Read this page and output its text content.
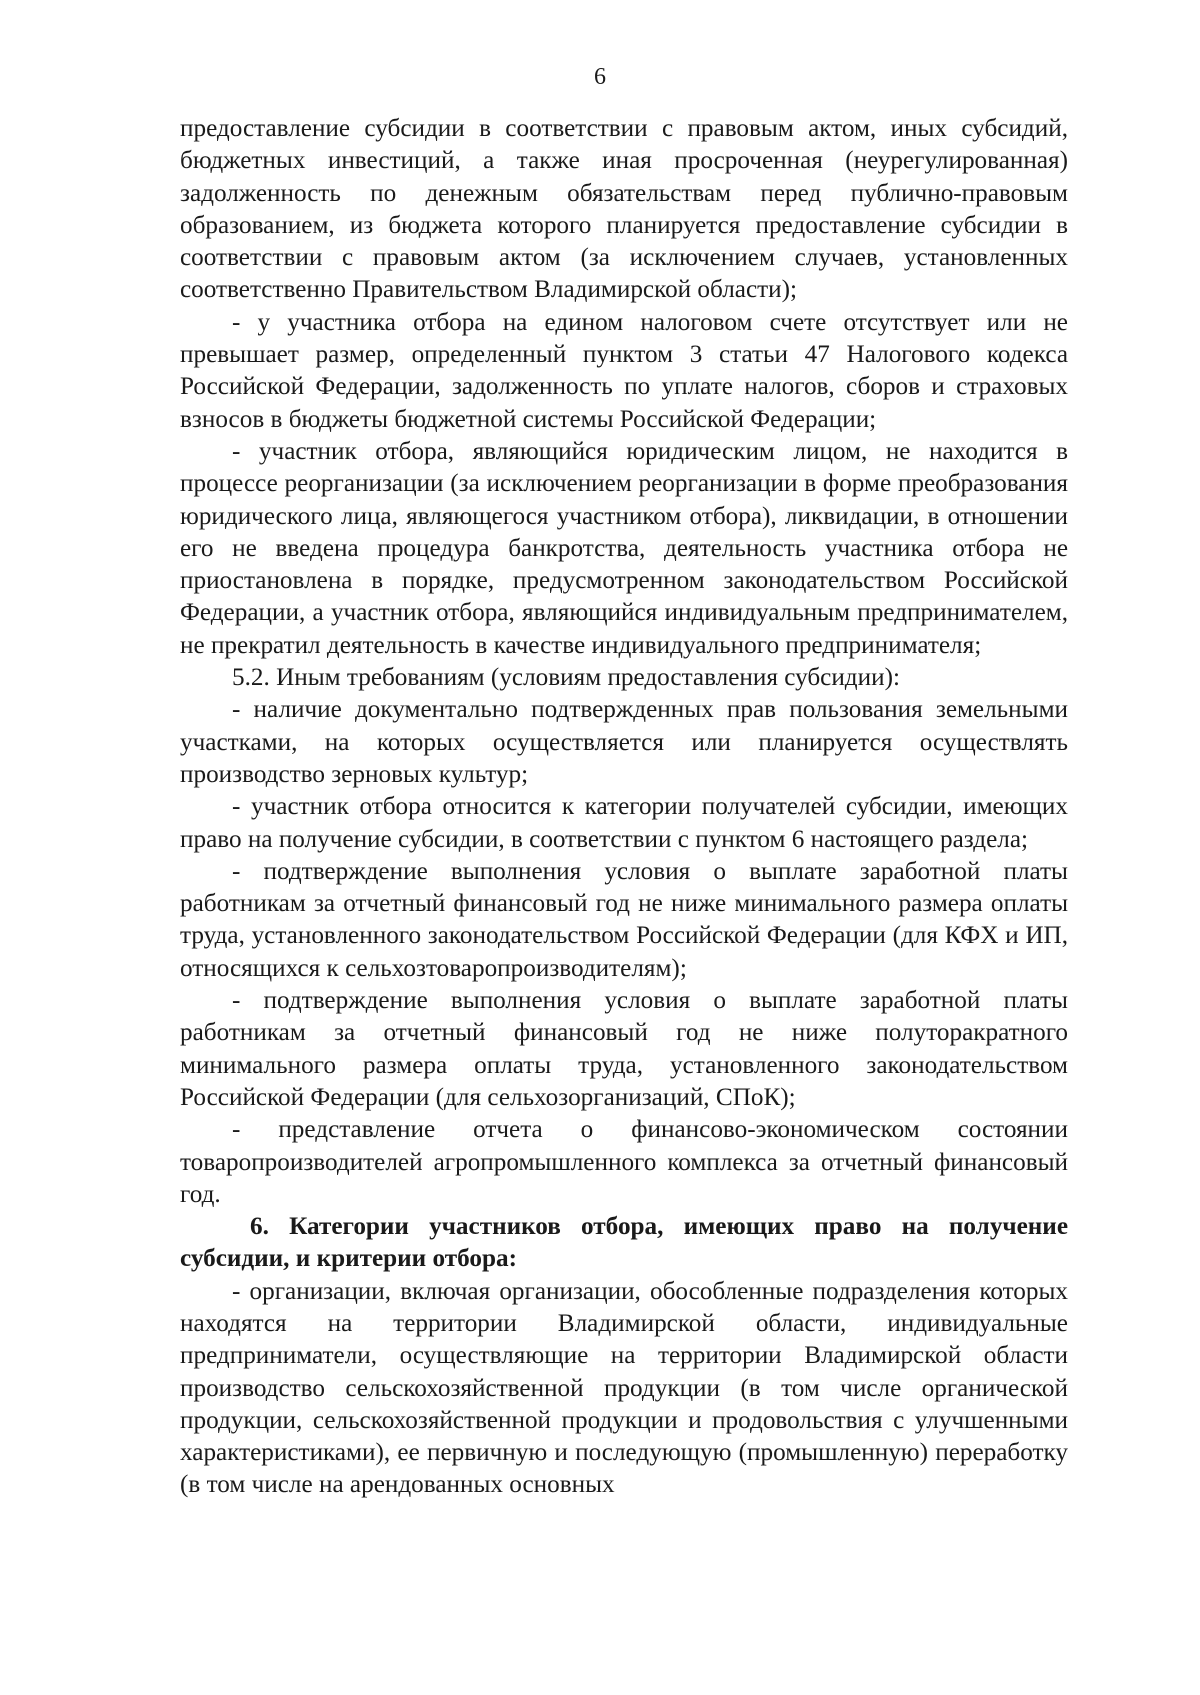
6

предоставление субсидии в соответствии с правовым актом, иных субсидий, бюджетных инвестиций, а также иная просроченная (неурегулированная) задолженность по денежным обязательствам перед публично-правовым образованием, из бюджета которого планируется предоставление субсидии в соответствии с правовым актом (за исключением случаев, установленных соответственно Правительством Владимирской области);

- у участника отбора на едином налоговом счете отсутствует или не превышает размер, определенный пунктом 3 статьи 47 Налогового кодекса Российской Федерации, задолженность по уплате налогов, сборов и страховых взносов в бюджеты бюджетной системы Российской Федерации;

- участник отбора, являющийся юридическим лицом, не находится в процессе реорганизации (за исключением реорганизации в форме преобразования юридического лица, являющегося участником отбора), ликвидации, в отношении его не введена процедура банкротства, деятельность участника отбора не приостановлена в порядке, предусмотренном законодательством Российской Федерации, а участник отбора, являющийся индивидуальным предпринимателем, не прекратил деятельность в качестве индивидуального предпринимателя;

5.2. Иным требованиям (условиям предоставления субсидии):

- наличие документально подтвержденных прав пользования земельными участками, на которых осуществляется или планируется осуществлять производство зерновых культур;

- участник отбора относится к категории получателей субсидии, имеющих право на получение субсидии, в соответствии с пунктом 6 настоящего раздела;

- подтверждение выполнения условия о выплате заработной платы работникам за отчетный финансовый год не ниже минимального размера оплаты труда, установленного законодательством Российской Федерации (для КФХ и ИП, относящихся к сельхозтоваропроизводителям);

- подтверждение выполнения условия о выплате заработной платы работникам за отчетный финансовый год не ниже полуторакратного минимального размера оплаты труда, установленного законодательством Российской Федерации (для сельхозорганизаций, СПоК);

- представление отчета о финансово-экономическом состоянии товаропроизводителей агропромышленного комплекса за отчетный финансовый год.

6. Категории участников отбора, имеющих право на получение субсидии, и критерии отбора:

- организации, включая организации, обособленные подразделения которых находятся на территории Владимирской области, индивидуальные предприниматели, осуществляющие на территории Владимирской области производство сельскохозяйственной продукции (в том числе органической продукции, сельскохозяйственной продукции и продовольствия с улучшенными характеристиками), ее первичную и последующую (промышленную) переработку (в том числе на арендованных основных
